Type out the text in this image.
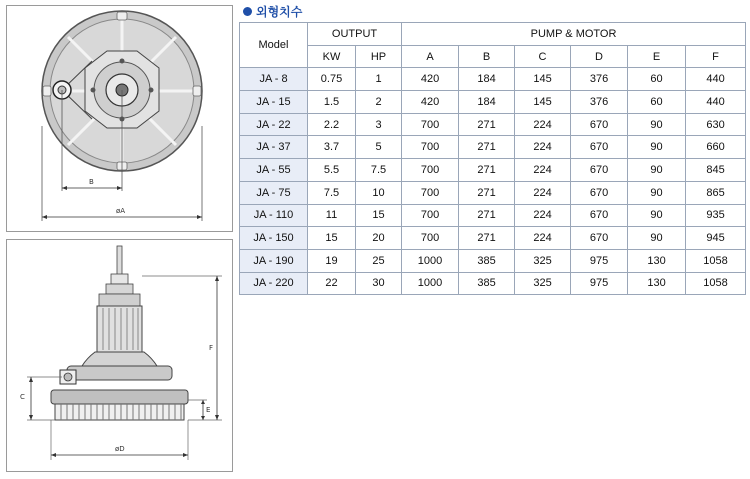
B
øA
F
E
C
øD
외형치수
Model	OUTPUT		PUMP & MOTOR					
	KW	HP	A	B	C	D	E	F
JA - 8	0.75	1	420	184	145	376	60	440
JA - 15	1.5	2	420	184	145	376	60	440
JA - 22	2.2	3	700	271	224	670	90	630
JA - 37	3.7	5	700	271	224	670	90	660
JA - 55	5.5	7.5	700	271	224	670	90	845
JA - 75	7.5	10	700	271	224	670	90	865
JA - 110	11	15	700	271	224	670	90	935
JA - 150	15	20	700	271	224	670	90	945
JA - 190	19	25	1000	385	325	975	130	1058
JA - 220	22	30	1000	385	325	975	130	1058
